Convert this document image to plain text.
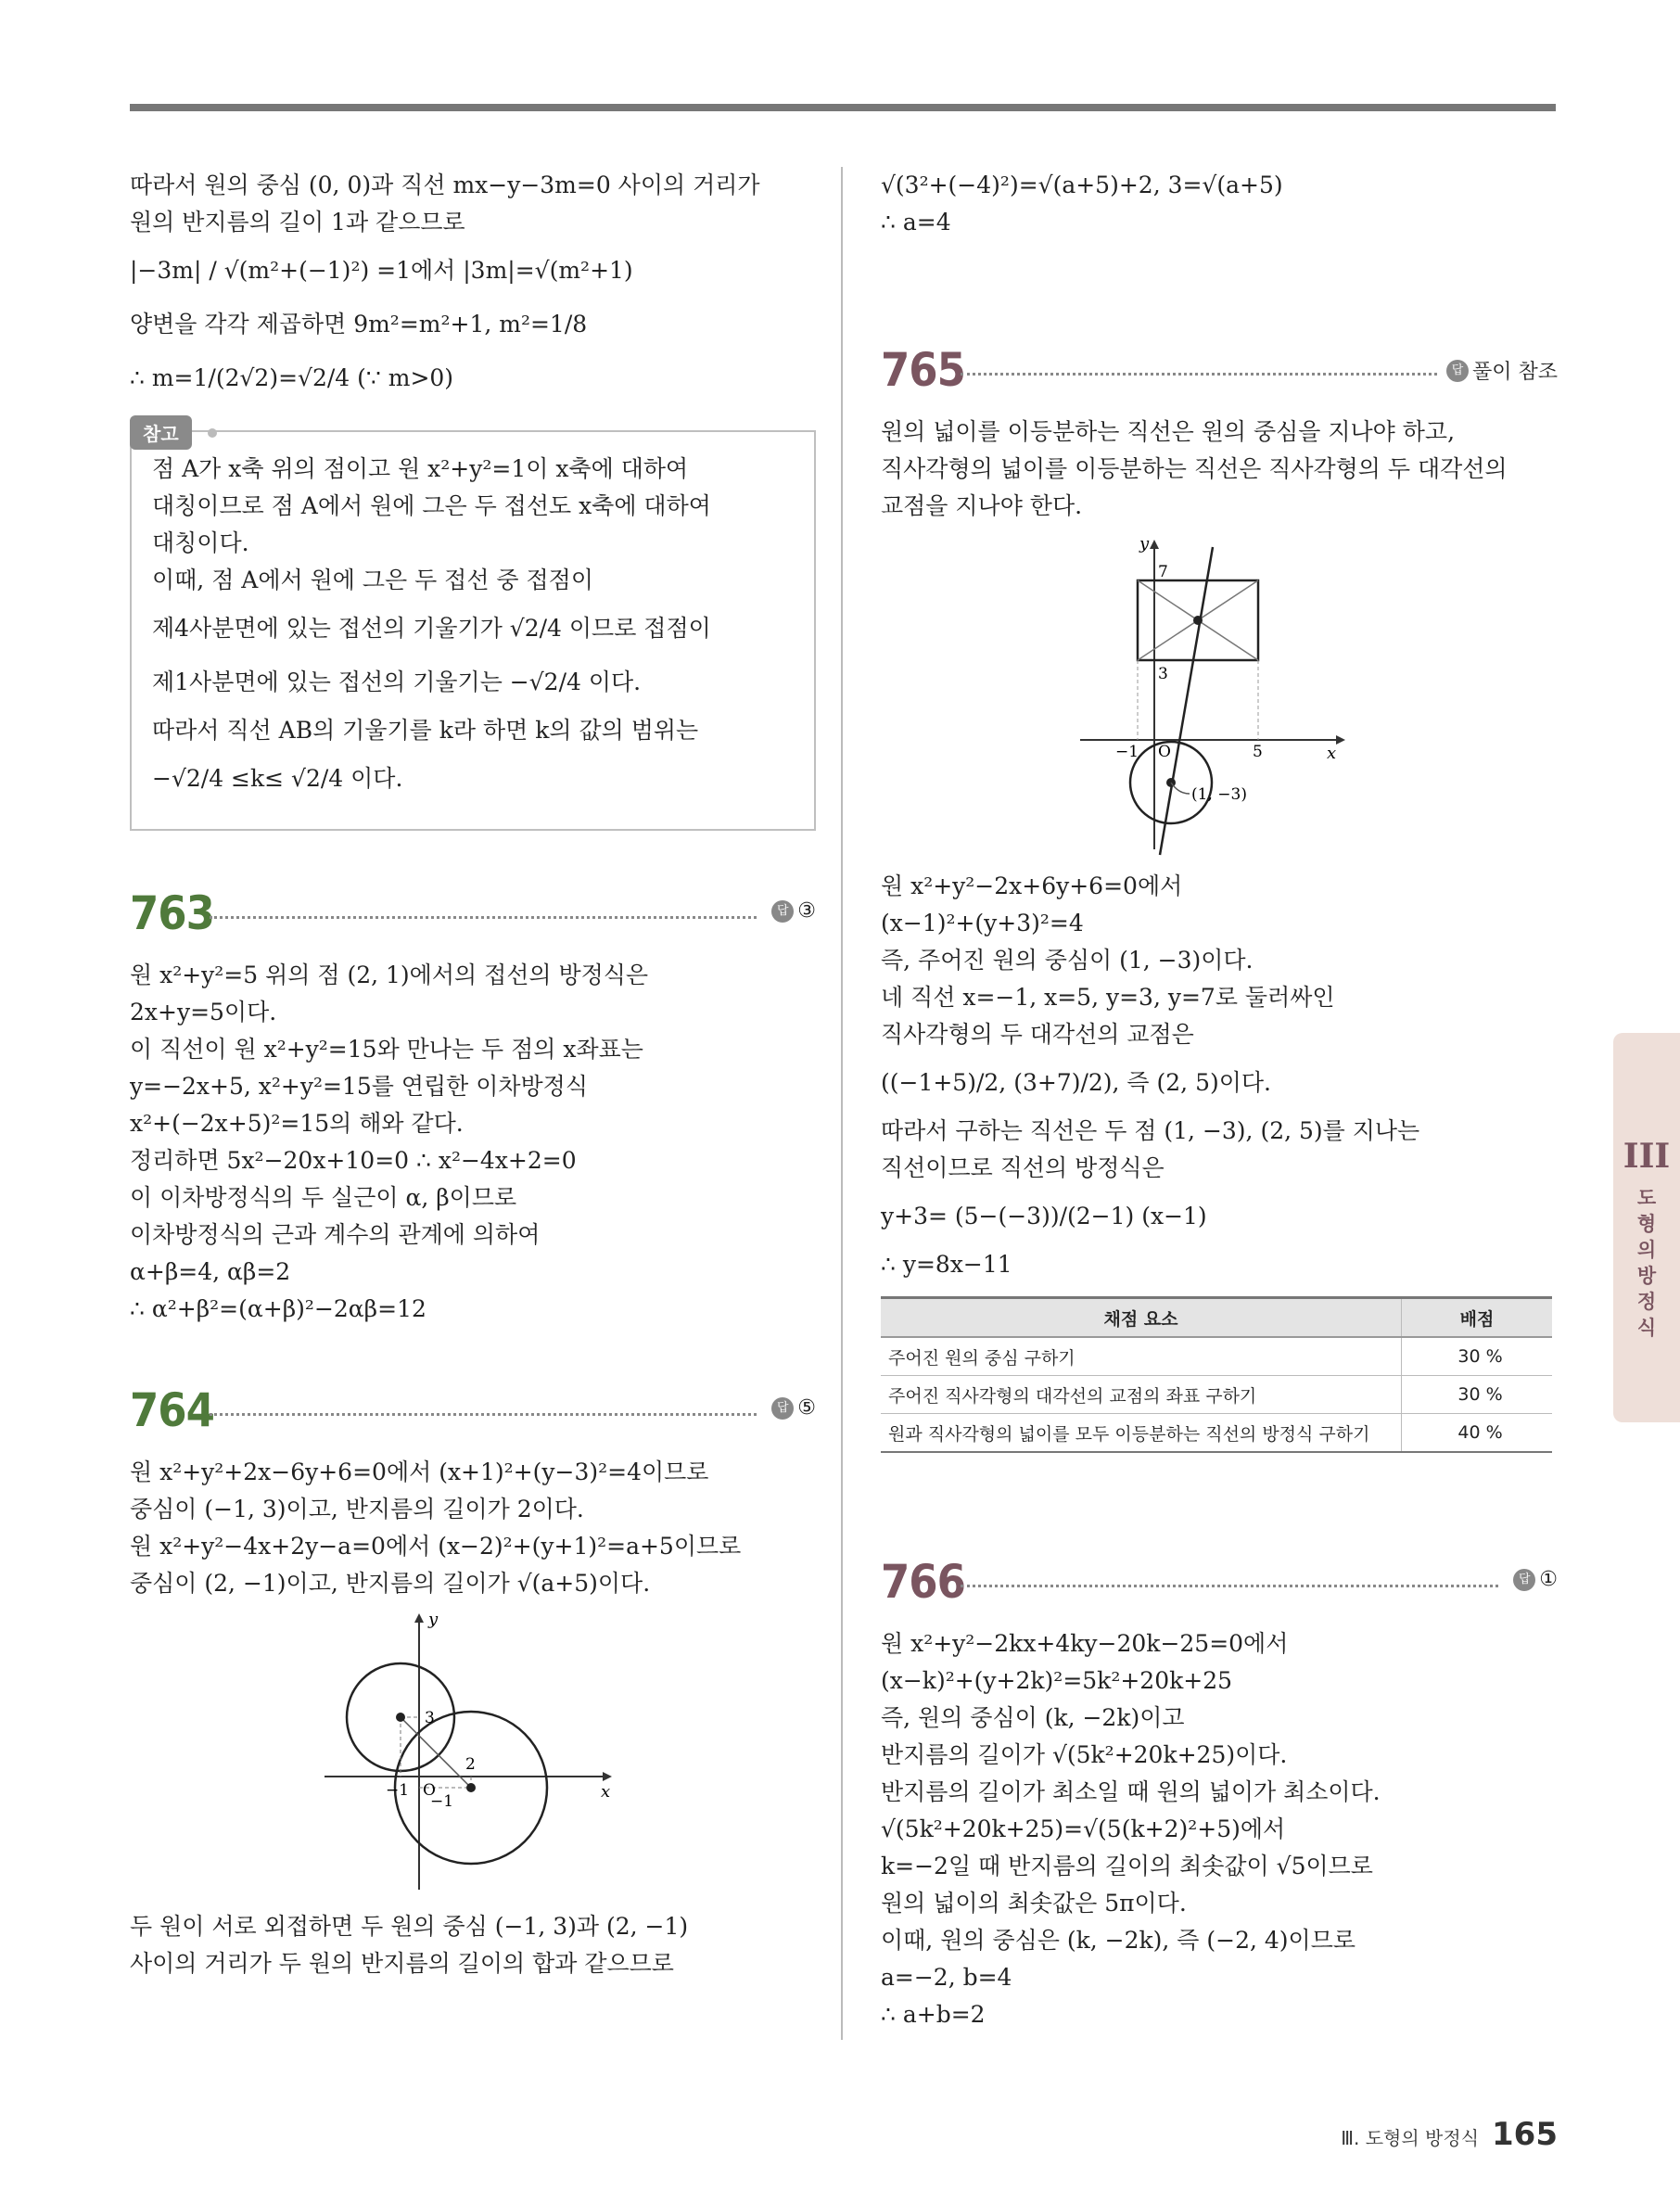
따라서 원의 중심 (0, 0)과 직선 mx−y−3m=0 사이의 거리가

원의 반지름의 길이 1과 같으므로

|−3m| / √(m²+(−1)²) =1에서 |3m|=√(m²+1)

양변을 각각 제곱하면 9m²=m²+1, m²=1/8

∴ m=1/(2√2)=√2/4 (∵ m>0)

참고

점 A가 x축 위의 점이고 원 x²+y²=1이 x축에 대하여

대칭이므로 점 A에서 원에 그은 두 접선도 x축에 대하여

대칭이다.

이때, 점 A에서 원에 그은 두 접선 중 접점이

제4사분면에 있는 접선의 기울기가 √2/4 이므로 접점이

제1사분면에 있는 접선의 기울기는 −√2/4 이다.

따라서 직선 AB의 기울기를 k라 하면 k의 값의 범위는

−√2/4 ≤k≤ √2/4 이다.

763	답 ③

원 x²+y²=5 위의 점 (2, 1)에서의 접선의 방정식은

2x+y=5이다.

이 직선이 원 x²+y²=15와 만나는 두 점의 x좌표는

y=−2x+5, x²+y²=15를 연립한 이차방정식

x²+(−2x+5)²=15의 해와 같다.

정리하면 5x²−20x+10=0 ∴ x²−4x+2=0

이 이차방정식의 두 실근이 α, β이므로

이차방정식의 근과 계수의 관계에 의하여

α+β=4, αβ=2

∴ α²+β²=(α+β)²−2αβ=12

764	답 ⑤

원 x²+y²+2x−6y+6=0에서 (x+1)²+(y−3)²=4이므로

중심이 (−1, 3)이고, 반지름의 길이가 2이다.

원 x²+y²−4x+2y−a=0에서 (x−2)²+(y+1)²=a+5이므로

중심이 (2, −1)이고, 반지름의 길이가 √(a+5)이다.

y
x
O
−1
3
2
−1

두 원이 서로 외접하면 두 원의 중심 (−1, 3)과 (2, −1)

사이의 거리가 두 원의 반지름의 길이의 합과 같으므로

√(3²+(−4)²)=√(a+5)+2, 3=√(a+5)

∴ a=4

765	답 풀이 참조

원의 넓이를 이등분하는 직선은 원의 중심을 지나야 하고,

직사각형의 넓이를 이등분하는 직선은 직사각형의 두 대각선의

교점을 지나야 한다.

y
x
O
−1	5
7
3
(1, −3)

원 x²+y²−2x+6y+6=0에서

(x−1)²+(y+3)²=4

즉, 주어진 원의 중심이 (1, −3)이다.

네 직선 x=−1, x=5, y=3, y=7로 둘러싸인

직사각형의 두 대각선의 교점은

((−1+5)/2, (3+7)/2), 즉 (2, 5)이다.

따라서 구하는 직선은 두 점 (1, −3), (2, 5)를 지나는

직선이므로 직선의 방정식은

y+3= (5−(−3))/(2−1) (x−1)

∴ y=8x−11

채점 요소	배점
주어진 원의 중심 구하기	30 %
주어진 직사각형의 대각선의 교점의 좌표 구하기	30 %
원과 직사각형의 넓이를 모두 이등분하는 직선의 방정식 구하기	40 %
766	답 ①

원 x²+y²−2kx+4ky−20k−25=0에서

(x−k)²+(y+2k)²=5k²+20k+25

즉, 원의 중심이 (k, −2k)이고

반지름의 길이가 √(5k²+20k+25)이다.

반지름의 길이가 최소일 때 원의 넓이가 최소이다.

√(5k²+20k+25)=√(5(k+2)²+5)에서

k=−2일 때 반지름의 길이의 최솟값이 √5이므로

원의 넓이의 최솟값은 5π이다.

이때, 원의 중심은 (k, −2k), 즉 (−2, 4)이므로

a=−2, b=4

∴ a+b=2

III
도형의 방정식
Ⅲ. 도형의 방정식 165
